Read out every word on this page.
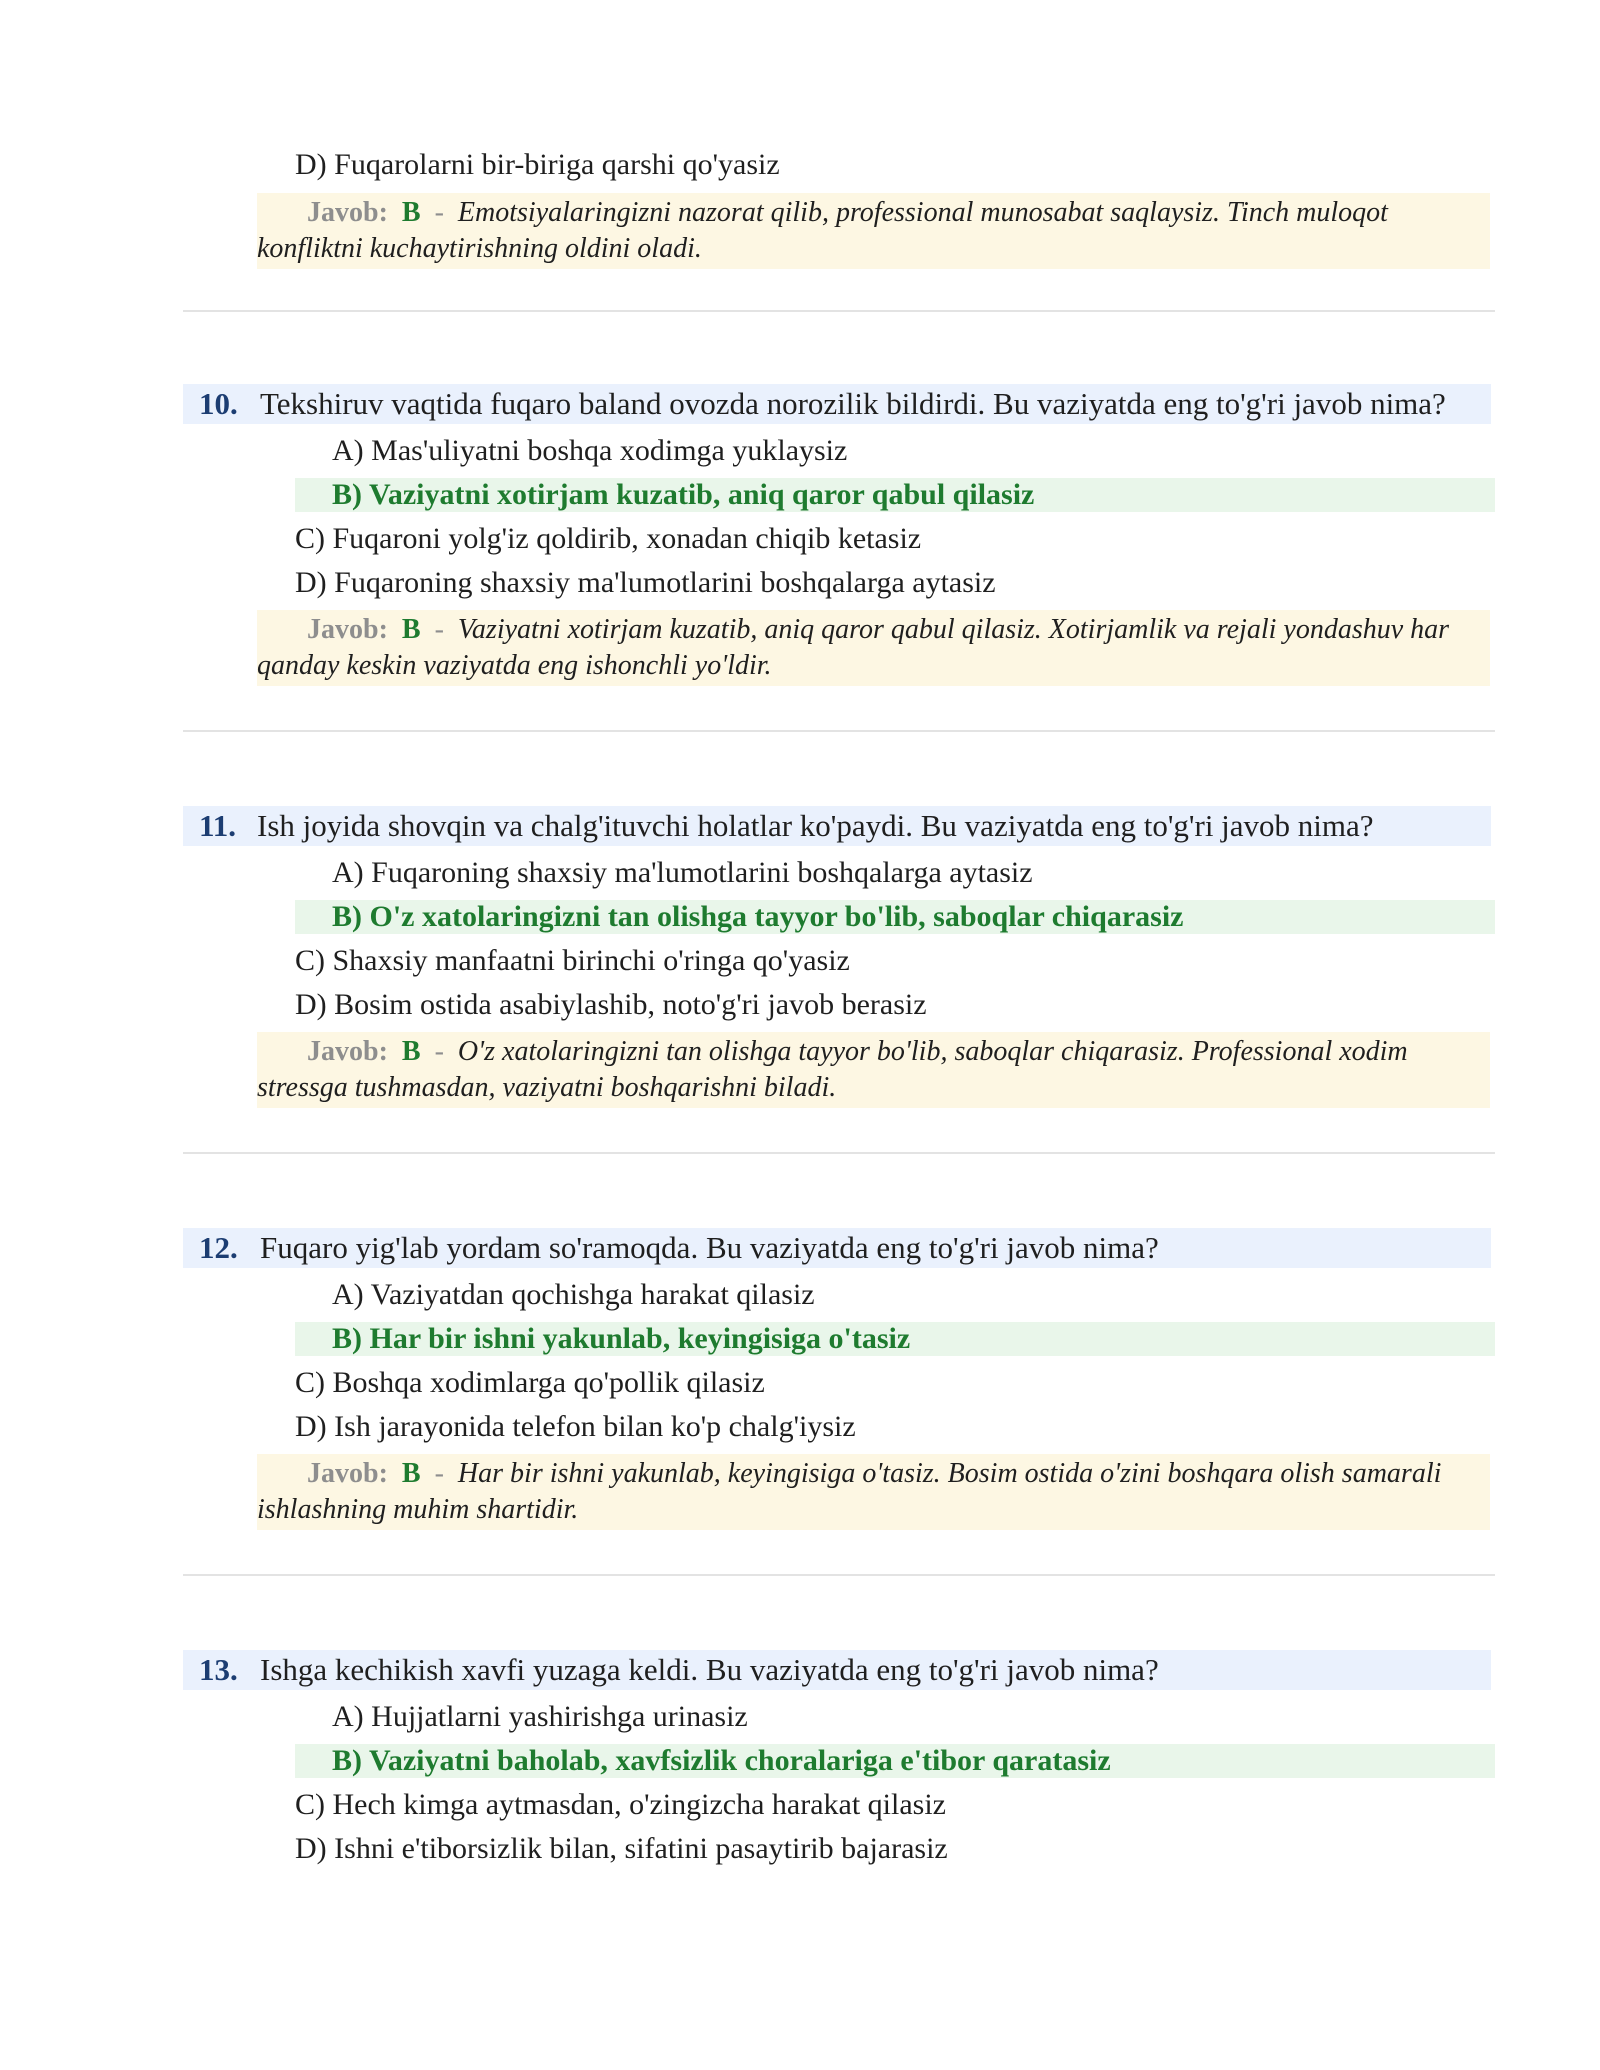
D) Fuqarolarni bir-biriga qarshi qo'yasiz
Javob: B - Emotsiyalaringizni nazorat qilib, professional munosabat saqlaysiz. Tinch muloqot konfliktni kuchaytirishning oldini oladi.
10. Tekshiruv vaqtida fuqaro baland ovozda norozilik bildirdi. Bu vaziyatda eng to'g'ri javob nima?
A) Mas'uliyatni boshqa xodimga yuklaysiz
B) Vaziyatni xotirjam kuzatib, aniq qaror qabul qilasiz
C) Fuqaroni yolg'iz qoldirib, xonadan chiqib ketasiz
D) Fuqaroning shaxsiy ma'lumotlarini boshqalarga aytasiz
Javob: B - Vaziyatni xotirjam kuzatib, aniq qaror qabul qilasiz. Xotirjamlik va rejali yondashuv har qanday keskin vaziyatda eng ishonchli yo'ldir.
11. Ish joyida shovqin va chalg'ituvchi holatlar ko'paydi. Bu vaziyatda eng to'g'ri javob nima?
A) Fuqaroning shaxsiy ma'lumotlarini boshqalarga aytasiz
B) O'z xatolaringizni tan olishga tayyor bo'lib, saboqlar chiqarasiz
C) Shaxsiy manfaatni birinchi o'ringa qo'yasiz
D) Bosim ostida asabiylashib, noto'g'ri javob berasiz
Javob: B - O'z xatolaringizni tan olishga tayyor bo'lib, saboqlar chiqarasiz. Professional xodim stressga tushmasdan, vaziyatni boshqarishni biladi.
12. Fuqaro yig'lab yordam so'ramoqda. Bu vaziyatda eng to'g'ri javob nima?
A) Vaziyatdan qochishga harakat qilasiz
B) Har bir ishni yakunlab, keyingisiga o'tasiz
C) Boshqa xodimlarga qo'pollik qilasiz
D) Ish jarayonida telefon bilan ko'p chalg'iysiz
Javob: B - Har bir ishni yakunlab, keyingisiga o'tasiz. Bosim ostida o'zini boshqara olish samarali ishlashning muhim shartidir.
13. Ishga kechikish xavfi yuzaga keldi. Bu vaziyatda eng to'g'ri javob nima?
A) Hujjatlarni yashirishga urinasiz
B) Vaziyatni baholab, xavfsizlik choralariga e'tibor qaratasiz
C) Hech kimga aytmasdan, o'zingizcha harakat qilasiz
D) Ishni e'tiborsizlik bilan, sifatini pasaytirib bajarasiz
